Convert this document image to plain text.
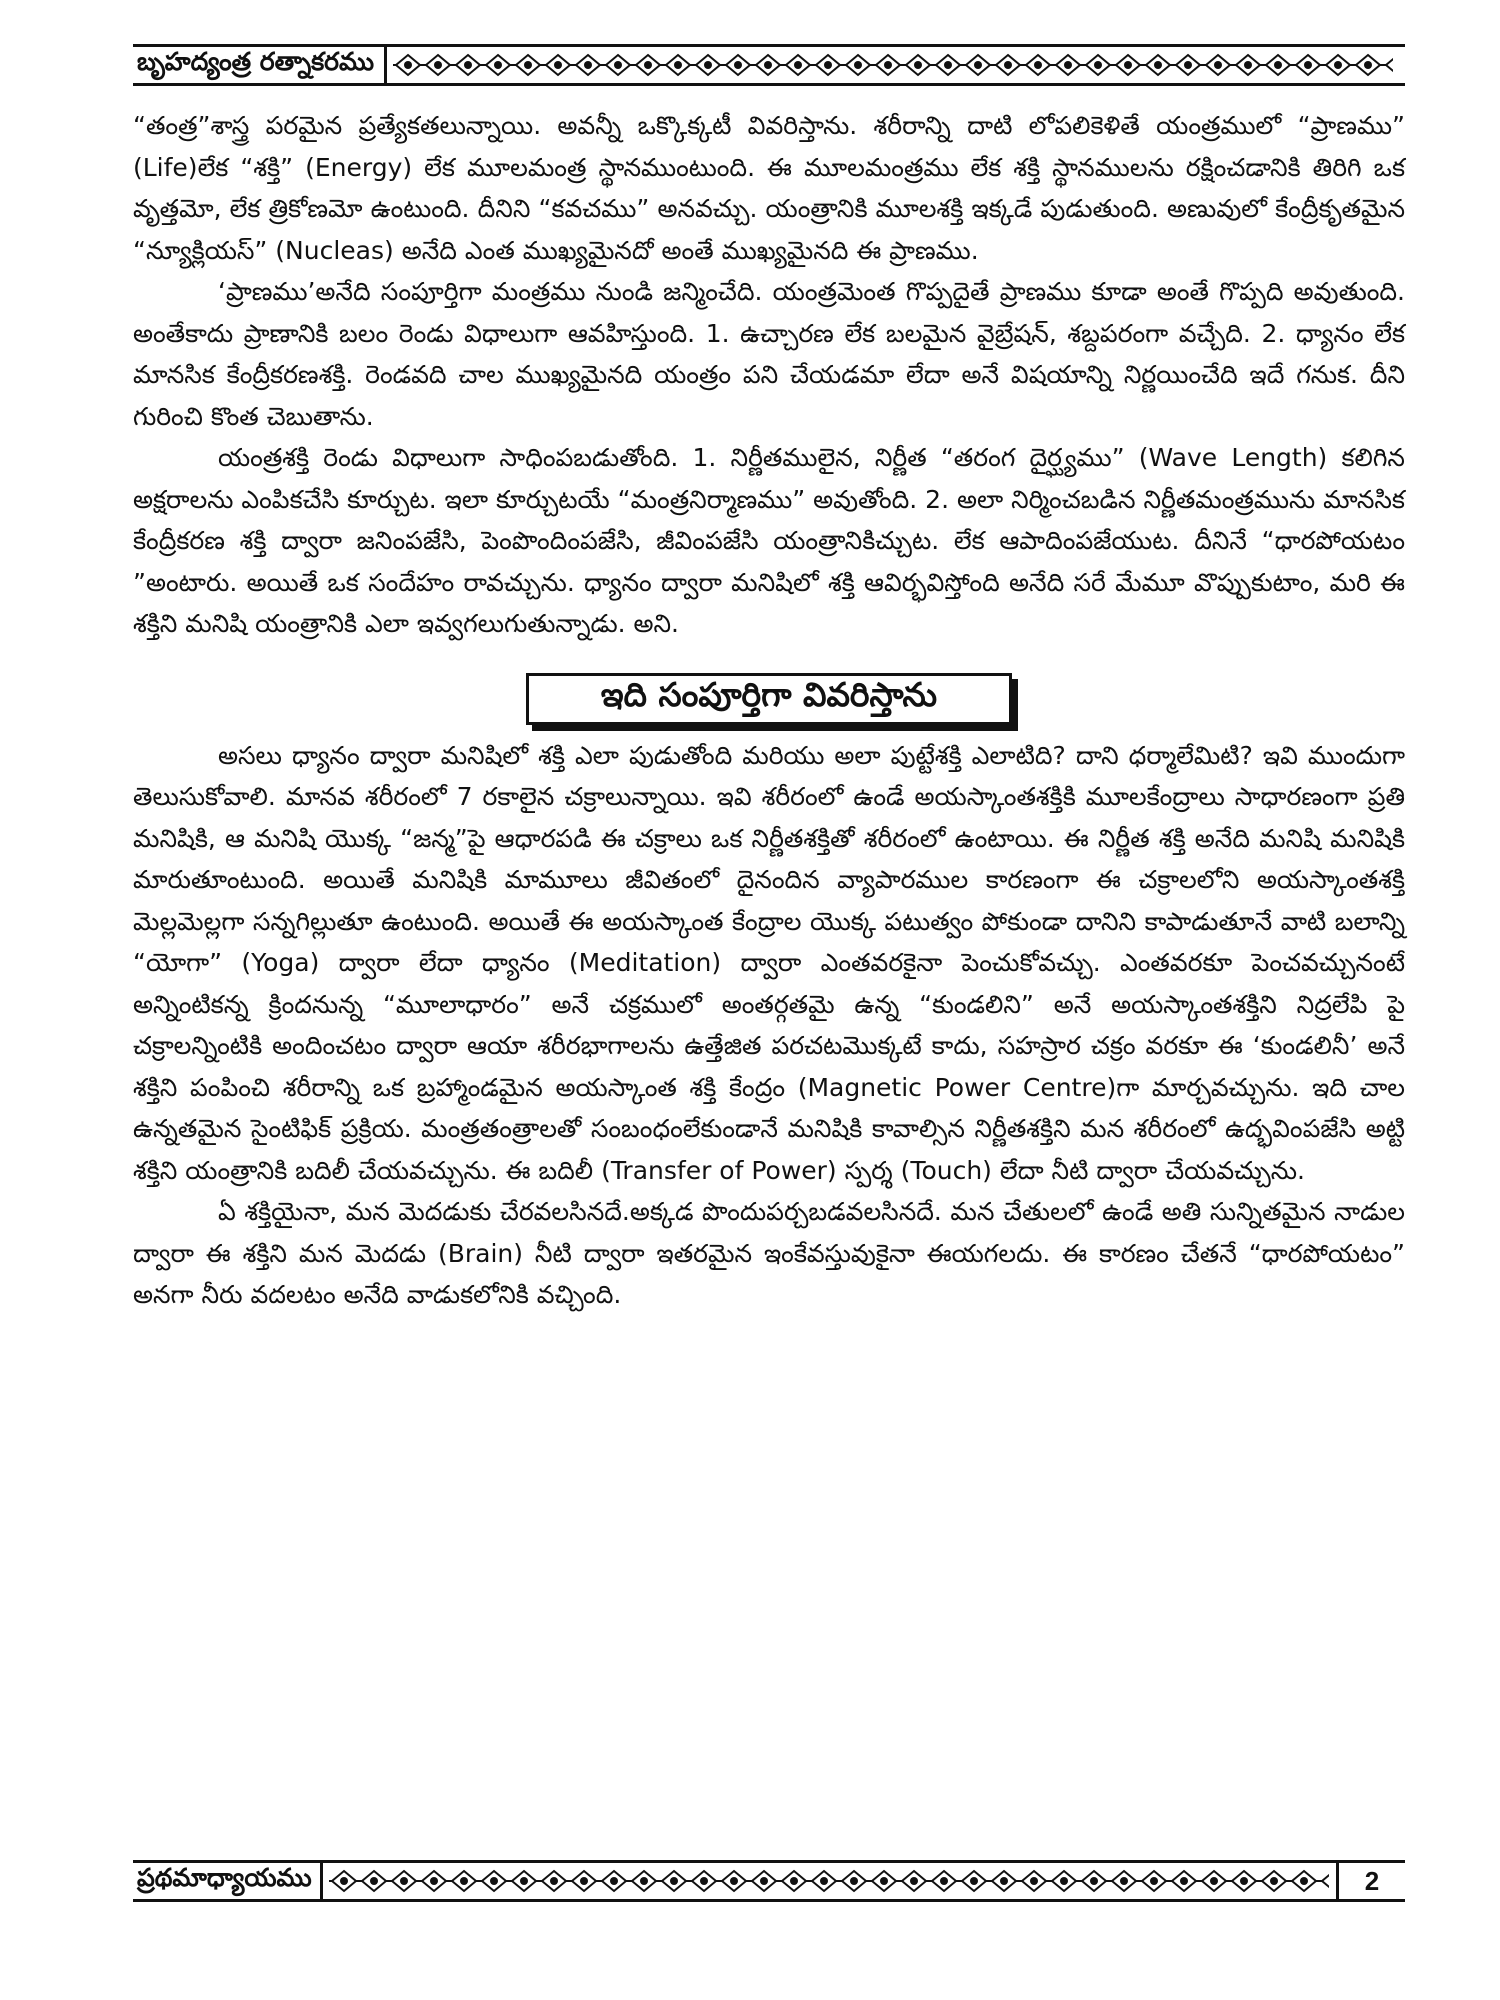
బృహద్యంత్ర రత్నాకరము

“తంత్ర”శాస్త్ర పరమైన ప్రత్యేకతలున్నాయి. అవన్నీ ఒక్కొక్కటీ వివరిస్తాను. శరీరాన్ని దాటి లోపలికెళితే యంత్రములో “ప్రాణము” (Life)లేక “శక్తి” (Energy) లేక మూలమంత్ర స్థానముంటుంది. ఈ మూలమంత్రము లేక శక్తి స్థానములను రక్షించడానికి తిరిగి ఒక వృత్తమో, లేక త్రికోణమో ఉంటుంది. దీనిని “కవచము” అనవచ్చు. యంత్రానికి మూలశక్తి ఇక్కడే పుడుతుంది. అణువులో కేంద్రీకృతమైన “న్యూక్లియస్” (Nucleas) అనేది ఎంత ముఖ్యమైనదో అంతే ముఖ్యమైనది ఈ ప్రాణము.

‘ప్రాణము’అనేది సంపూర్తిగా మంత్రము నుండి జన్మించేది. యంత్రమెంత గొప్పదైతే ప్రాణము కూడా అంతే గొప్పది అవుతుంది. అంతేకాదు ప్రాణానికి బలం రెండు విధాలుగా ఆవహిస్తుంది. 1. ఉచ్చారణ లేక బలమైన వైబ్రేషన్, శబ్దపరంగా వచ్చేది. 2. ధ్యానం లేక మానసిక కేంద్రీకరణశక్తి. రెండవది చాల ముఖ్యమైనది యంత్రం పని చేయడమా లేదా అనే విషయాన్ని నిర్ణయించేది ఇదే గనుక. దీని గురించి కొంత చెబుతాను.

యంత్రశక్తి రెండు విధాలుగా సాధింపబడుతోంది. 1. నిర్ణీతములైన, నిర్ణీత “తరంగ దైర్ఘ్యము” (Wave Length) కలిగిన అక్షరాలను ఎంపికచేసి కూర్చుట. ఇలా కూర్చుటయే “మంత్రనిర్మాణము” అవుతోంది. 2. అలా నిర్మించబడిన నిర్ణీతమంత్రమును మానసిక కేంద్రీకరణ శక్తి ద్వారా జనింపజేసి, పెంపొందింపజేసి, జీవింపజేసి యంత్రానికిచ్చుట. లేక ఆపాదింపజేయుట. దీనినే “ధారపోయటం ”అంటారు. అయితే ఒక సందేహం రావచ్చును. ధ్యానం ద్వారా మనిషిలో శక్తి ఆవిర్భవిస్తోంది అనేది సరే మేమూ వొప్పుకుటాం, మరి ఈ శక్తిని మనిషి యంత్రానికి ఎలా ఇవ్వగలుగుతున్నాడు. అని.

ఇది సంపూర్తిగా వివరిస్తాను

అసలు ధ్యానం ద్వారా మనిషిలో శక్తి ఎలా పుడుతోంది మరియు అలా పుట్టేశక్తి ఎలాటిది? దాని ధర్మాలేమిటి? ఇవి ముందుగా తెలుసుకోవాలి. మానవ శరీరంలో 7 రకాలైన చక్రాలున్నాయి. ఇవి శరీరంలో ఉండే అయస్కాంతశక్తికి మూలకేంద్రాలు సాధారణంగా ప్రతి మనిషికి, ఆ మనిషి యొక్క “జన్మ”పై ఆధారపడి ఈ చక్రాలు ఒక నిర్ణీతశక్తితో శరీరంలో ఉంటాయి. ఈ నిర్ణీత శక్తి అనేది మనిషి మనిషికి మారుతూంటుంది. అయితే మనిషికి మామూలు జీవితంలో దైనందిన వ్యాపారముల కారణంగా ఈ చక్రాలలోని అయస్కాంతశక్తి మెల్లమెల్లగా సన్నగిల్లుతూ ఉంటుంది. అయితే ఈ అయస్కాంత కేంద్రాల యొక్క పటుత్వం పోకుండా దానిని కాపాడుతూనే వాటి బలాన్ని “యోగా” (Yoga) ద్వారా లేదా ధ్యానం (Meditation) ద్వారా ఎంతవరకైనా పెంచుకోవచ్చు. ఎంతవరకూ పెంచవచ్చునంటే అన్నింటికన్న క్రిందనున్న “మూలాధారం” అనే చక్రములో అంతర్గతమై ఉన్న “కుండలిని” అనే అయస్కాంతశక్తిని నిద్రలేపి పై చక్రాలన్నింటికి అందించటం ద్వారా ఆయా శరీరభాగాలను ఉత్తేజిత పరచటమొక్కటే కాదు, సహస్రార చక్రం వరకూ ఈ ‘కుండలినీ’ అనే శక్తిని పంపించి శరీరాన్ని ఒక బ్రహ్మాండమైన అయస్కాంత శక్తి కేంద్రం (Magnetic Power Centre)గా మార్చవచ్చును. ఇది చాల ఉన్నతమైన సైంటిఫిక్ ప్రక్రియ. మంత్రతంత్రాలతో సంబంధంలేకుండానే మనిషికి కావాల్సిన నిర్ణీతశక్తిని మన శరీరంలో ఉద్భవింపజేసి అట్టి శక్తిని యంత్రానికి బదిలీ చేయవచ్చును. ఈ బదిలీ (Transfer of Power) స్పర్శ (Touch) లేదా నీటి ద్వారా చేయవచ్చును.

ఏ శక్తియైనా, మన మెదడుకు చేరవలసినదే.అక్కడ పొందుపర్చబడవలసినదే. మన చేతులలో ఉండే అతి సున్నితమైన నాడుల ద్వారా ఈ శక్తిని మన మెదడు (Brain) నీటి ద్వారా ఇతరమైన ఇంకేవస్తువుకైనా ఈయగలదు. ఈ కారణం చేతనే “ధారపోయటం” అనగా నీరు వదలటం అనేది వాడుకలోనికి వచ్చింది.

ప్రథమాధ్యాయము	2
